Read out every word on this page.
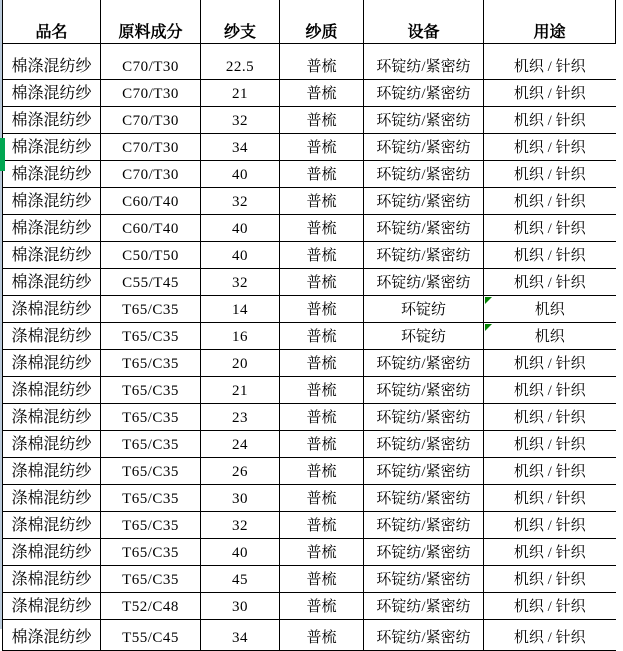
品名	原料成分	纱支	纱质	设备	用途
棉涤混纺纱	C70/T30	22.5	普梳	环锭纺/紧密纺	机织 / 针织
棉涤混纺纱	C70/T30	21	普梳	环锭纺/紧密纺	机织 / 针织
棉涤混纺纱	C70/T30	32	普梳	环锭纺/紧密纺	机织 / 针织
棉涤混纺纱	C70/T30	34	普梳	环锭纺/紧密纺	机织 / 针织
棉涤混纺纱	C70/T30	40	普梳	环锭纺/紧密纺	机织 / 针织
棉涤混纺纱	C60/T40	32	普梳	环锭纺/紧密纺	机织 / 针织
棉涤混纺纱	C60/T40	40	普梳	环锭纺/紧密纺	机织 / 针织
棉涤混纺纱	C50/T50	40	普梳	环锭纺/紧密纺	机织 / 针织
棉涤混纺纱	C55/T45	32	普梳	环锭纺/紧密纺	机织 / 针织
涤棉混纺纱	T65/C35	14	普梳	环锭纺	机织
涤棉混纺纱	T65/C35	16	普梳	环锭纺	机织
涤棉混纺纱	T65/C35	20	普梳	环锭纺/紧密纺	机织 / 针织
涤棉混纺纱	T65/C35	21	普梳	环锭纺/紧密纺	机织 / 针织
涤棉混纺纱	T65/C35	23	普梳	环锭纺/紧密纺	机织 / 针织
涤棉混纺纱	T65/C35	24	普梳	环锭纺/紧密纺	机织 / 针织
涤棉混纺纱	T65/C35	26	普梳	环锭纺/紧密纺	机织 / 针织
涤棉混纺纱	T65/C35	30	普梳	环锭纺/紧密纺	机织 / 针织
涤棉混纺纱	T65/C35	32	普梳	环锭纺/紧密纺	机织 / 针织
涤棉混纺纱	T65/C35	40	普梳	环锭纺/紧密纺	机织 / 针织
涤棉混纺纱	T65/C35	45	普梳	环锭纺/紧密纺	机织 / 针织
涤棉混纺纱	T52/C48	30	普梳	环锭纺/紧密纺	机织 / 针织
棉涤混纺纱	T55/C45	34	普梳	环锭纺/紧密纺	机织 / 针织
